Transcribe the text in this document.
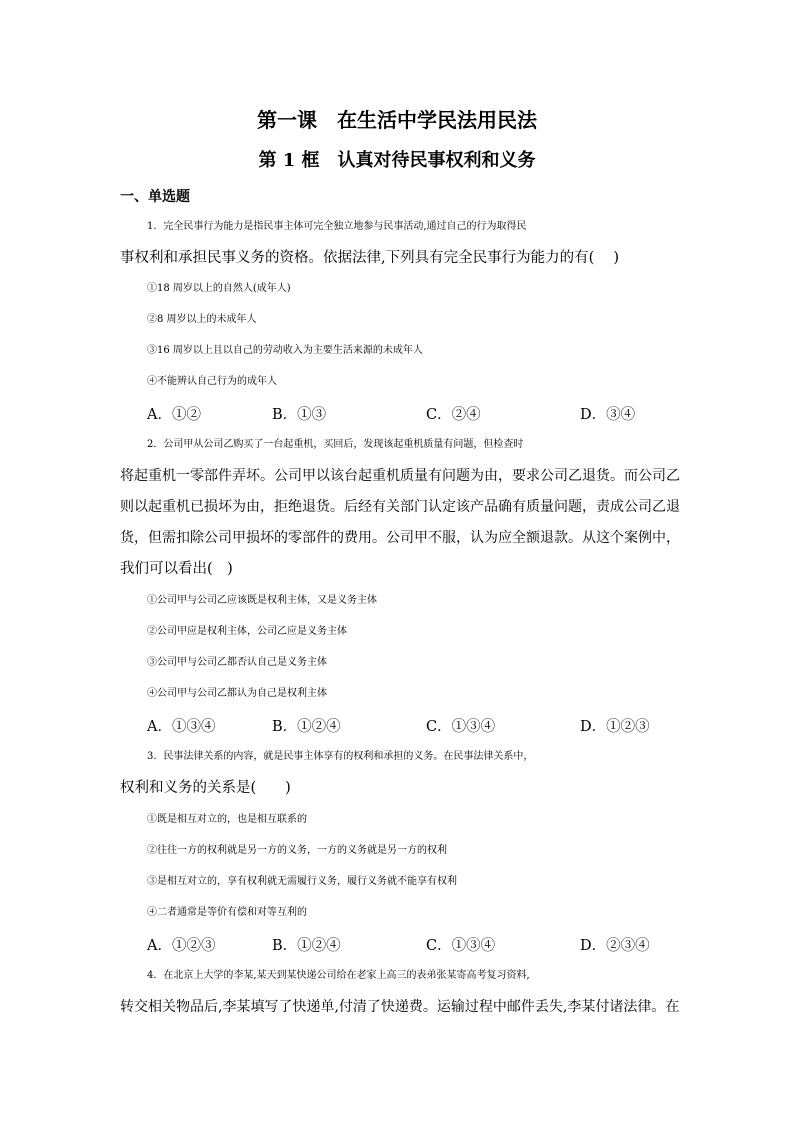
第一课　在生活中学民法用民法
第 1 框　认真对待民事权利和义务
一、单选题
1．完全民事行为能力是指民事主体可完全独立地参与民事活动,通过自己的行为取得民
事权利和承担民事义务的资格。依据法律,下列具有完全民事行为能力的有(　 )
①18 周岁以上的自然人(成年人)
②8 周岁以上的未成年人
③16 周岁以上且以自己的劳动收入为主要生活来源的未成年人
④不能辨认自己行为的成年人
A．①②	B．①③	C．②④	D．③④
2．公司甲从公司乙购买了一台起重机，买回后，发现该起重机质量有问题，但检查时
将起重机一零部件弄坏。公司甲以该台起重机质量有问题为由，要求公司乙退货。而公司乙
则以起重机已损坏为由，拒绝退货。后经有关部门认定该产品确有质量问题，责成公司乙退
货，但需扣除公司甲损坏的零部件的费用。公司甲不服，认为应全额退款。从这个案例中，
我们可以看出(　)
①公司甲与公司乙应该既是权利主体，又是义务主体
②公司甲应是权利主体，公司乙应是义务主体
③公司甲与公司乙都否认自己是义务主体
④公司甲与公司乙都认为自己是权利主体
A．①③④	B．①②④	C．①③④	D．①②③
3．民事法律关系的内容，就是民事主体享有的权利和承担的义务。在民事法律关系中，
权利和义务的关系是(　　)
①既是相互对立的，也是相互联系的
②往往一方的权利就是另一方的义务，一方的义务就是另一方的权利
③是相互对立的，享有权利就无需履行义务，履行义务就不能享有权利
④二者通常是等价有偿和对等互利的
A．①②③	B．①②④	C．①③④	D．②③④
4．在北京上大学的李某,某天到某快递公司给在老家上高三的表弟张某寄高考复习资料,
转交相关物品后,李某填写了快递单,付清了快递费。运输过程中邮件丢失,李某付诸法律。在
